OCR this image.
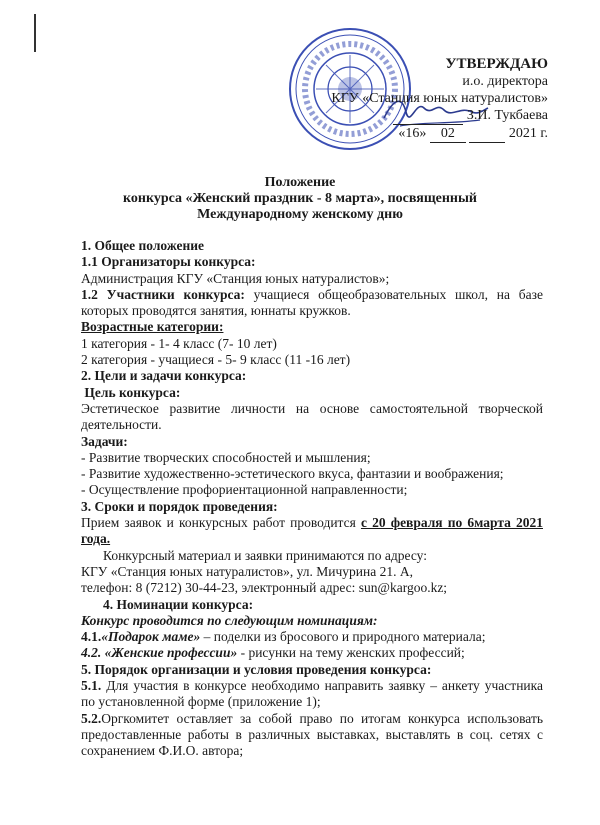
УТВЕРЖДАЮ
и.о. директора
КГУ «Станция юных натуралистов»
З.И. Тукбаева
«16» 02	2021 г.
Положение
конкурса «Женский праздник - 8 марта», посвященный
Международному женскому дню

1. Общее положение

1.1 Организаторы конкурса:

Администрация КГУ «Станция юных натуралистов»;

1.2 Участники конкурса: учащиеся общеобразовательных школ, на базе которых проводятся занятия, юннаты кружков.

Возрастные категории:

1 категория - 1- 4 класс (7- 10 лет)

2 категория - учащиеся - 5- 9 класс (11 -16 лет)

2. Цели и задачи конкурса:

Цель конкурса:

Эстетическое развитие личности на основе самостоятельной творческой деятельности.

Задачи:

- Развитие творческих способностей и мышления;

- Развитие художественно-эстетического вкуса, фантазии и воображения;

- Осуществление профориентационной направленности;

3. Сроки и порядок проведения:

Прием заявок и конкурсных работ проводится с 20 февраля по 6марта 2021 года.

Конкурсный материал и заявки принимаются по адресу:

КГУ «Станция юных натуралистов», ул. Мичурина 21. А,

телефон: 8 (7212) 30-44-23, электронный адрес: sun@kargoo.kz;

4. Номинации конкурса:

Конкурс проводится по следующим номинациям:

4.1.«Подарок маме» – поделки из бросового и природного материала;

4.2. «Женские профессии» - рисунки на тему женских профессий;

5. Порядок организации и условия проведения конкурса:

5.1. Для участия в конкурсе необходимо направить заявку – анкету участника по установленной форме (приложение 1);

5.2.Оргкомитет оставляет за собой право по итогам конкурса использовать предоставленные работы в различных выставках, выставлять в соц. сетях с сохранением Ф.И.О. автора;
